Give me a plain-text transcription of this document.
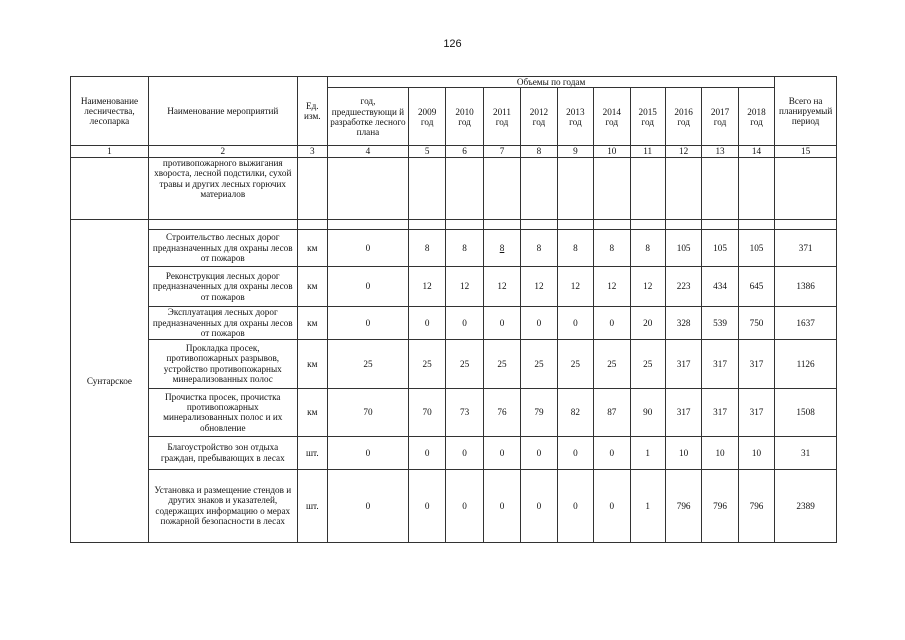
126
Наименование лесничества, лесопарка	Наименование мероприятий	Ед. изм.	Объемы по годам											Всего на планируемый период
			год, предшествующи й разработке лесного плана	2009 год	2010 год	2011 год	2012 год	2013 год	2014 год	2015 год	2016 год	2017 год	2018 год	
1	2	3	4	5	6	7	8	9	10	11	12	13	14	15
	противопожарного выжигания хвороста, лесной подстилки, сухой травы и других лесных горючих материалов													
Сунтарское														
	Строительство лесных дорог предназначенных для охраны лесов от пожаров	км	0	8	8	8	8	8	8	8	105	105	105	371
	Реконструкция лесных дорог предназначенных для охраны лесов от пожаров	км	0	12	12	12	12	12	12	12	223	434	645	1386
	Эксплуатация лесных дорог предназначенных для охраны лесов от пожаров	км	0	0	0	0	0	0	0	20	328	539	750	1637
	Прокладка просек, противопожарных разрывов, устройство противопожарных минерализованных полос	км	25	25	25	25	25	25	25	25	317	317	317	1126
	Прочистка просек, прочистка противопожарных минерализованных полос и их обновление	км	70	70	73	76	79	82	87	90	317	317	317	1508
	Благоустройство зон отдыха граждан, пребывающих в лесах	шт.	0	0	0	0	0	0	0	1	10	10	10	31
	Установка и размещение стендов и других знаков и указателей, содержащих информацию о мерах пожарной безопасности в лесах	шт.	0	0	0	0	0	0	0	1	796	796	796	2389
